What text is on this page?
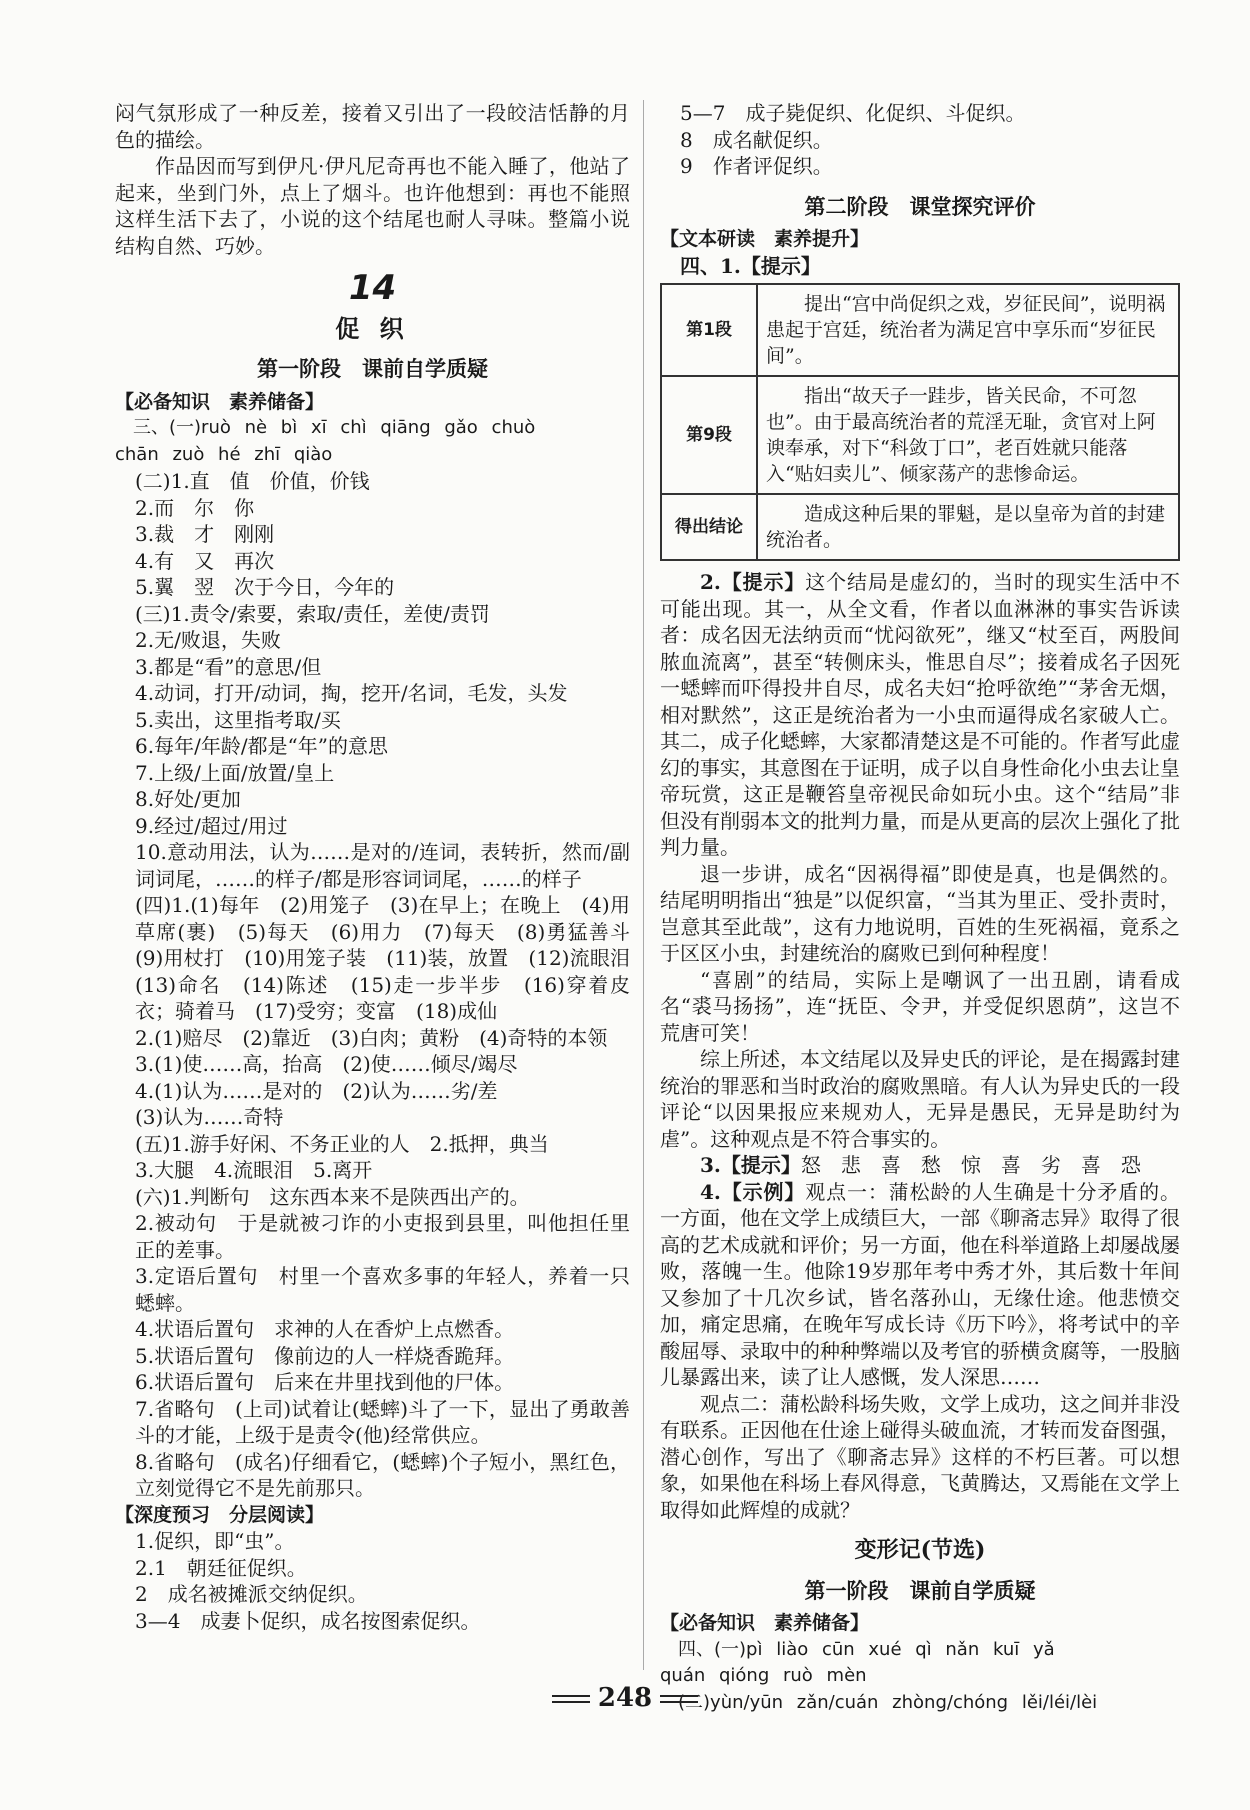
闷气氛形成了一种反差，接着又引出了一段皎洁恬静的月色的描绘。

作品因而写到伊凡·伊凡尼奇再也不能入睡了，他站了起来，坐到门外，点上了烟斗。也许他想到：再也不能照这样生活下去了，小说的这个结尾也耐人寻味。整篇小说结构自然、巧妙。

14
促 织
第一阶段　课前自学质疑
【必备知识　素养储备】

三、(一)ruò nè bì xī chì qiāng gǎo chuò

chān zuò hé zhī qiào

(二)1.直　值　价值，价钱

2.而　尔　你

3.裁　才　刚刚

4.有　又　再次

5.翼　翌　次于今日，今年的

(三)1.责令/索要，索取/责任，差使/责罚

2.无/败退，失败

3.都是“看”的意思/但

4.动词，打开/动词，掏，挖开/名词，毛发，头发

5.卖出，这里指考取/买

6.每年/年龄/都是“年”的意思

7.上级/上面/放置/皇上

8.好处/更加

9.经过/超过/用过

10.意动用法，认为……是对的/连词，表转折，然而/副词词尾，……的样子/都是形容词词尾，……的样子

(四)1.(1)每年　(2)用笼子　(3)在早上；在晚上　(4)用草席(裹)　(5)每天　(6)用力　(7)每天　(8)勇猛善斗　(9)用杖打　(10)用笼子装　(11)装，放置　(12)流眼泪　(13)命名　(14)陈述　(15)走一步半步　(16)穿着皮衣；骑着马　(17)受穷；变富　(18)成仙

2.(1)赔尽　(2)靠近　(3)白肉；黄粉　(4)奇特的本领

3.(1)使……高，抬高　(2)使……倾尽/竭尽

4.(1)认为……是对的　(2)认为……劣/差

(3)认为……奇特

(五)1.游手好闲、不务正业的人　2.抵押，典当

3.大腿　4.流眼泪　5.离开

(六)1.判断句　这东西本来不是陕西出产的。

2.被动句　于是就被刁诈的小吏报到县里，叫他担任里正的差事。

3.定语后置句　村里一个喜欢多事的年轻人，养着一只蟋蟀。

4.状语后置句　求神的人在香炉上点燃香。

5.状语后置句　像前边的人一样烧香跪拜。

6.状语后置句　后来在井里找到他的尸体。

7.省略句　(上司)试着让(蟋蟀)斗了一下，显出了勇敢善斗的才能，上级于是责令(他)经常供应。

8.省略句　(成名)仔细看它，(蟋蟀)个子短小，黑红色，立刻觉得它不是先前那只。

【深度预习　分层阅读】

1.促织，即“虫”。

2.1　朝廷征促织。

2　成名被摊派交纳促织。

3—4　成妻卜促织，成名按图索促织。

5—7　成子毙促织、化促织、斗促织。

8　成名献促织。

9　作者评促织。

第二阶段　课堂探究评价
【文本研读　素养提升】

四、1.【提示】

第1段	提出“宫中尚促织之戏，岁征民间”，说明祸患起于宫廷，统治者为满足宫中享乐而“岁征民间”。
第9段	指出“故天子一跬步，皆关民命，不可忽也”。由于最高统治者的荒淫无耻，贪官对上阿谀奉承，对下“科敛丁口”，老百姓就只能落入“贴妇卖儿”、倾家荡产的悲惨命运。
得出结论	造成这种后果的罪魁，是以皇帝为首的封建统治者。

2.【提示】这个结局是虚幻的，当时的现实生活中不可能出现。其一，从全文看，作者以血淋淋的事实告诉读者：成名因无法纳贡而“忧闷欲死”，继又“杖至百，两股间脓血流离”，甚至“转侧床头，惟思自尽”；接着成名子因死一蟋蟀而吓得投井自尽，成名夫妇“抢呼欲绝”“茅舍无烟，相对默然”，这正是统治者为一小虫而逼得成名家破人亡。其二，成子化蟋蟀，大家都清楚这是不可能的。作者写此虚幻的事实，其意图在于证明，成子以自身性命化小虫去让皇帝玩赏，这正是鞭笞皇帝视民命如玩小虫。这个“结局”非但没有削弱本文的批判力量，而是从更高的层次上强化了批判力量。

退一步讲，成名“因祸得福”即使是真，也是偶然的。结尾明明指出“独是”以促织富，“当其为里正、受扑责时，岂意其至此哉”，这有力地说明，百姓的生死祸福，竟系之于区区小虫，封建统治的腐败已到何种程度！

“喜剧”的结局，实际上是嘲讽了一出丑剧，请看成名“裘马扬扬”，连“抚臣、令尹，并受促织恩荫”，这岂不荒唐可笑！

综上所述，本文结尾以及异史氏的评论，是在揭露封建统治的罪恶和当时政治的腐败黑暗。有人认为异史氏的一段评论“以因果报应来规劝人，无异是愚民，无异是助纣为虐”。这种观点是不符合事实的。

3.【提示】怒　悲　喜　愁　惊　喜　劣　喜　恐

4.【示例】观点一：蒲松龄的人生确是十分矛盾的。一方面，他在文学上成绩巨大，一部《聊斋志异》取得了很高的艺术成就和评价；另一方面，他在科举道路上却屡战屡败，落魄一生。他除19岁那年考中秀才外，其后数十年间又参加了十几次乡试，皆名落孙山，无缘仕途。他悲愤交加，痛定思痛，在晚年写成长诗《历下吟》，将考试中的辛酸屈辱、录取中的种种弊端以及考官的骄横贪腐等，一股脑儿暴露出来，读了让人感慨，发人深思……

观点二：蒲松龄科场失败，文学上成功，这之间并非没有联系。正因他在仕途上碰得头破血流，才转而发奋图强，潜心创作，写出了《聊斋志异》这样的不朽巨著。可以想象，如果他在科场上春风得意，飞黄腾达，又焉能在文学上取得如此辉煌的成就？

变形记(节选)
第一阶段　课前自学质疑
【必备知识　素养储备】

四、(一)pì liào cūn xué qì nǎn kuī yǎ

quán qióng ruò mèn

(二)yùn/yūn zǎn/cuán zhòng/chóng lěi/léi/lèi

248
